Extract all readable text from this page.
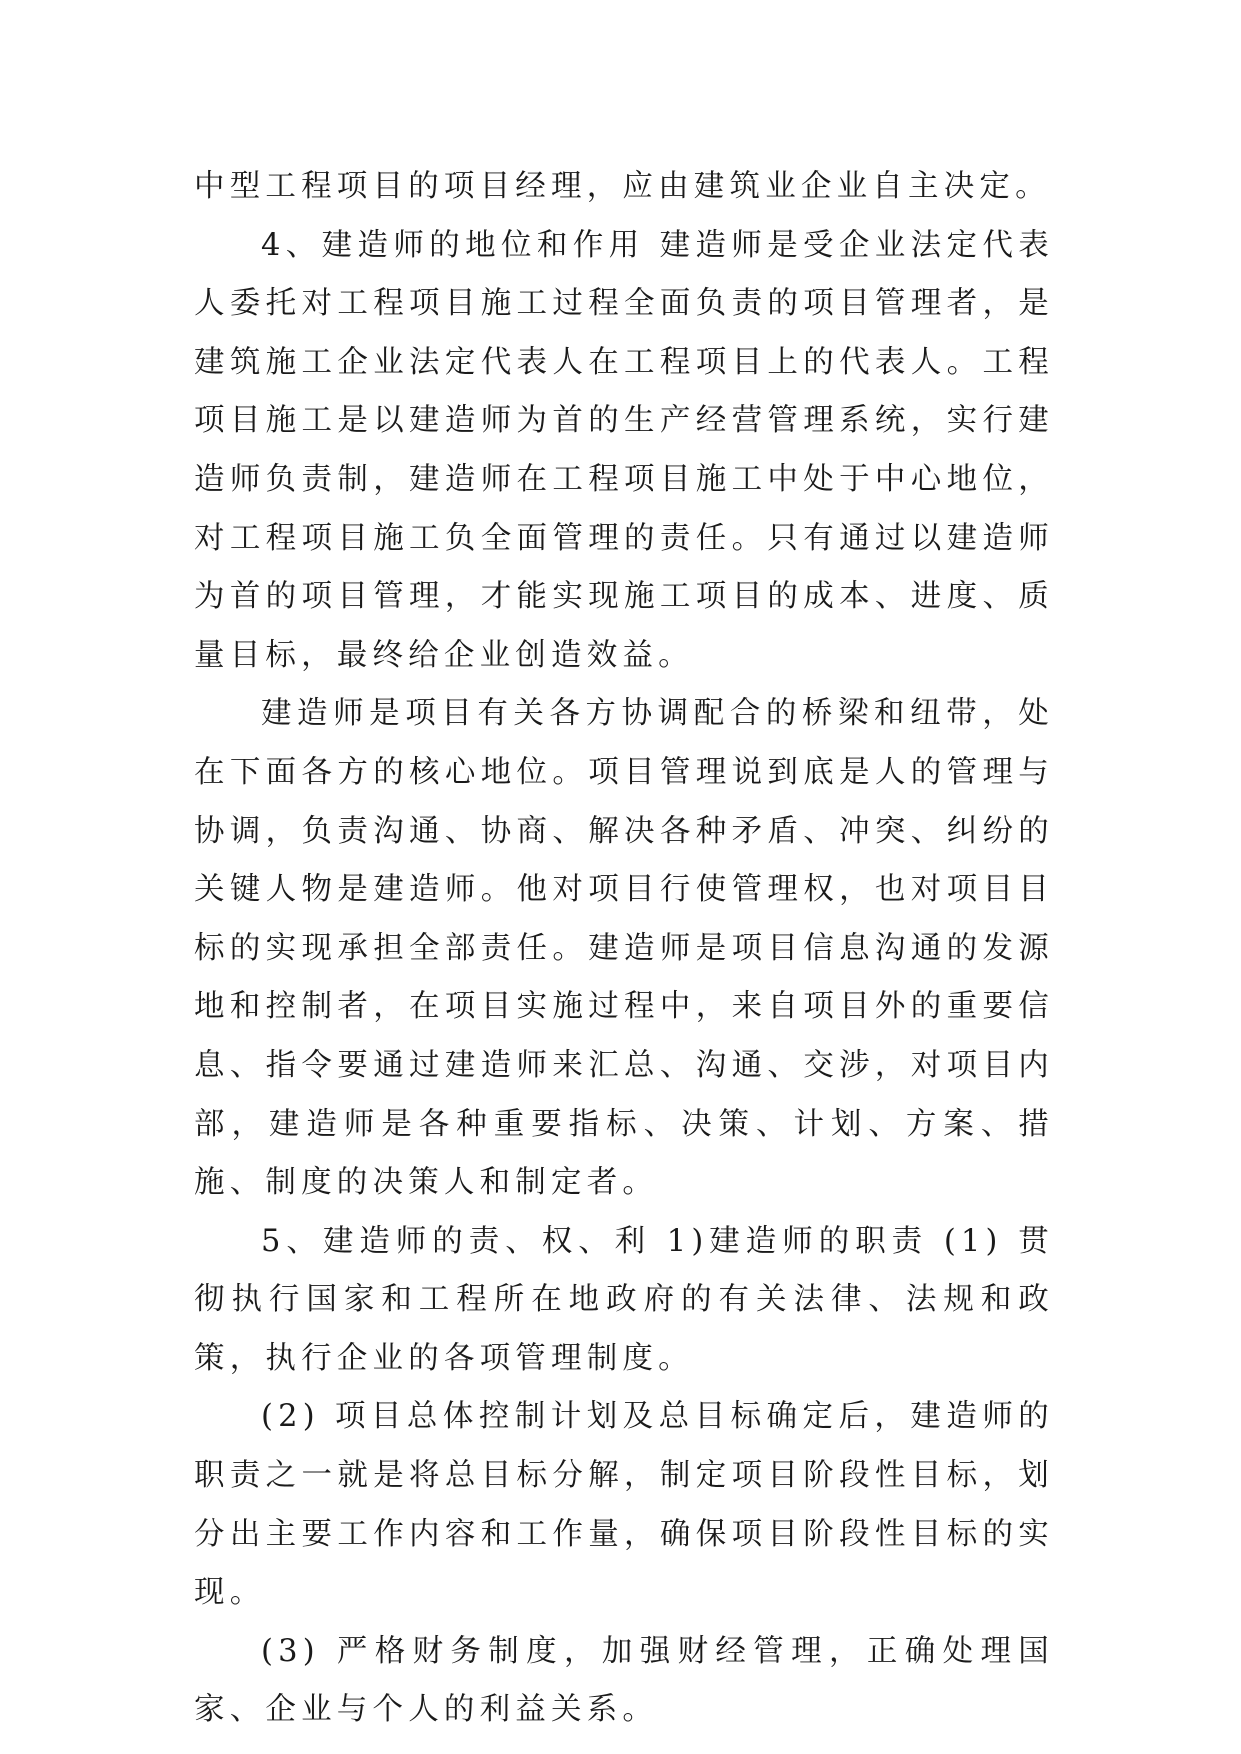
中型工程项目的项目经理，应由建筑业企业自主决定。

4、建造师的地位和作用 建造师是受企业法定代表人委托对工程项目施工过程全面负责的项目管理者，是建筑施工企业法定代表人在工程项目上的代表人。工程项目施工是以建造师为首的生产经营管理系统，实行建造师负责制，建造师在工程项目施工中处于中心地位，对工程项目施工负全面管理的责任。只有通过以建造师为首的项目管理，才能实现施工项目的成本、进度、质量目标，最终给企业创造效益。

建造师是项目有关各方协调配合的桥梁和纽带，处在下面各方的核心地位。项目管理说到底是人的管理与协调，负责沟通、协商、解决各种矛盾、冲突、纠纷的关键人物是建造师。他对项目行使管理权，也对项目目标的实现承担全部责任。建造师是项目信息沟通的发源地和控制者，在项目实施过程中，来自项目外的重要信息、指令要通过建造师来汇总、沟通、交涉，对项目内部，建造师是各种重要指标、决策、计划、方案、措施、制度的决策人和制定者。

5、建造师的责、权、利 1)建造师的职责 (1) 贯彻执行国家和工程所在地政府的有关法律、法规和政策，执行企业的各项管理制度。

(2) 项目总体控制计划及总目标确定后，建造师的职责之一就是将总目标分解，制定项目阶段性目标，划分出主要工作内容和工作量，确保项目阶段性目标的实现。

(3) 严格财务制度，加强财经管理，正确处理国家、企业与个人的利益关系。
